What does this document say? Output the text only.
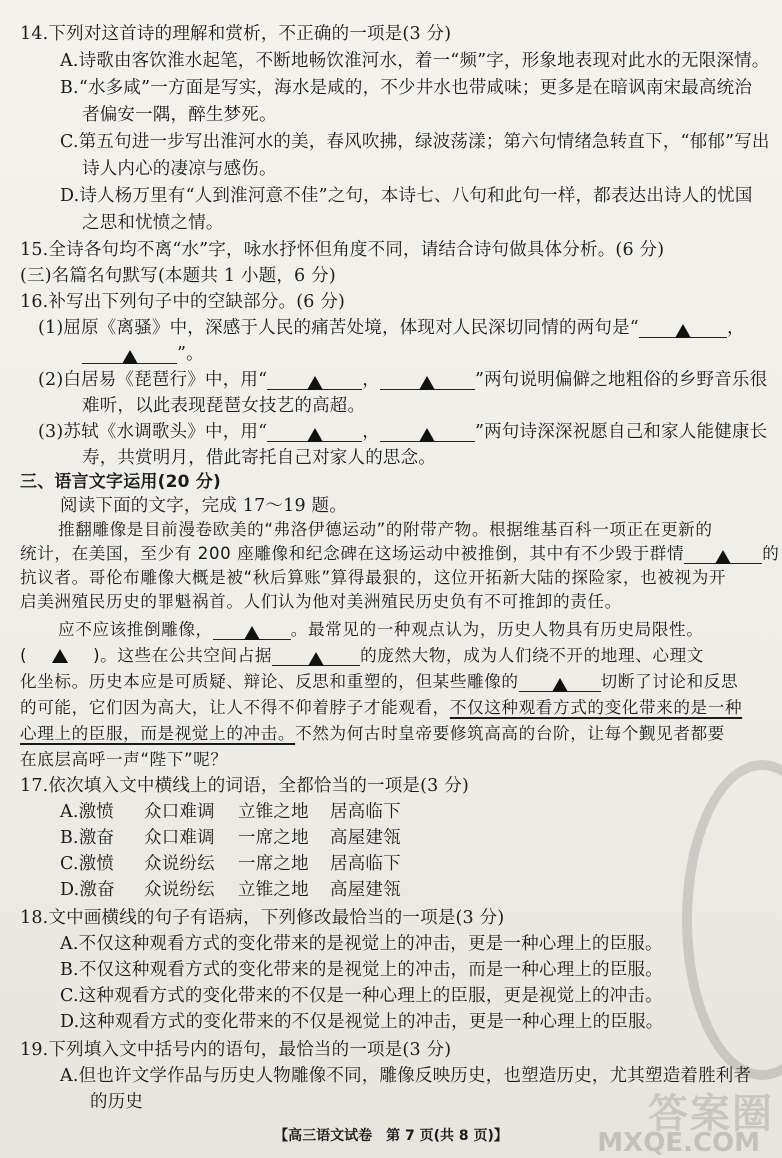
14.下列对这首诗的理解和赏析，不正确的一项是(3 分)
A.诗歌由客饮淮水起笔，不断地畅饮淮河水，着一“频”字，形象地表现对此水的无限深情。
B.“水多咸”一方面是写实，海水是咸的，不少井水也带咸味；更多是在暗讽南宋最高统治
者偏安一隅，醉生梦死。
C.第五句进一步写出淮河水的美，春风吹拂，绿波荡漾；第六句情绪急转直下，“郁郁”写出
诗人内心的凄凉与感伤。
D.诗人杨万里有“人到淮河意不佳”之句，本诗七、八句和此句一样，都表达出诗人的忧国
之思和忧愤之情。
15.全诗各句均不离“水”字，咏水抒怀但角度不同，请结合诗句做具体分析。(6 分)
(三)名篇名句默写(本题共 1 小题，6 分)
16.补写出下列句子中的空缺部分。(6 分)
(1)屈原《离骚》中，深感于人民的痛苦处境，体现对人民深切同情的两句是“	，
”。
(2)白居易《琵琶行》中，用“	，	”两句说明偏僻之地粗俗的乡野音乐很
难听，以此表现琵琶女技艺的高超。
(3)苏轼《水调歌头》中，用“	，	”两句诗深深祝愿自己和家人能健康长
寿，共赏明月，借此寄托自己对家人的思念。
三、语言文字运用(20 分)
阅读下面的文字，完成 17～19 题。
推翻雕像是目前漫卷欧美的“弗洛伊德运动”的附带产物。根据维基百科一项正在更新的
统计，在美国，至少有 200 座雕像和纪念碑在这场运动中被推倒，其中有不少毁于群情	的
抗议者。哥伦布雕像大概是被“秋后算账”算得最狠的，这位开拓新大陆的探险家，也被视为开
启美洲殖民历史的罪魁祸首。人们认为他对美洲殖民历史负有不可推卸的责任。
应不应该推倒雕像，	。最常见的一种观点认为，历史人物具有历史局限性。
(	)。这些在公共空间占据	的庞然大物，成为人们绕不开的地理、心理文
化坐标。历史本应是可质疑、辩论、反思和重塑的，但某些雕像的	切断了讨论和反思
的可能，它们因为高大，让人不得不仰着脖子才能观看，不仅这种观看方式的变化带来的是一种
心理上的臣服，而是视觉上的冲击。不然为何古时皇帝要修筑高高的台阶，让每个觐见者都要
在底层高呼一声“陛下”呢？
17.依次填入文中横线上的词语，全都恰当的一项是(3 分)
A.激愤 众口难调 立锥之地 居高临下
B.激奋 众口难调 一席之地 高屋建瓴
C.激愤 众说纷纭 一席之地 居高临下
D.激奋 众说纷纭 立锥之地 高屋建瓴
18.文中画横线的句子有语病，下列修改最恰当的一项是(3 分)
A.不仅这种观看方式的变化带来的是视觉上的冲击，更是一种心理上的臣服。
B.不仅这种观看方式的变化带来的是视觉上的冲击，而是一种心理上的臣服。
C.这种观看方式的变化带来的不仅是一种心理上的臣服，更是视觉上的冲击。
D.这种观看方式的变化带来的不仅是视觉上的冲击，更是一种心理上的臣服。
19.下列填入文中括号内的语句，最恰当的一项是(3 分)
A.但也许文学作品与历史人物雕像不同，雕像反映历史，也塑造历史，尤其塑造着胜利者
的历史	答案圈
MXQE.COM
【高三语文试卷　第 7 页(共 8 页)】
